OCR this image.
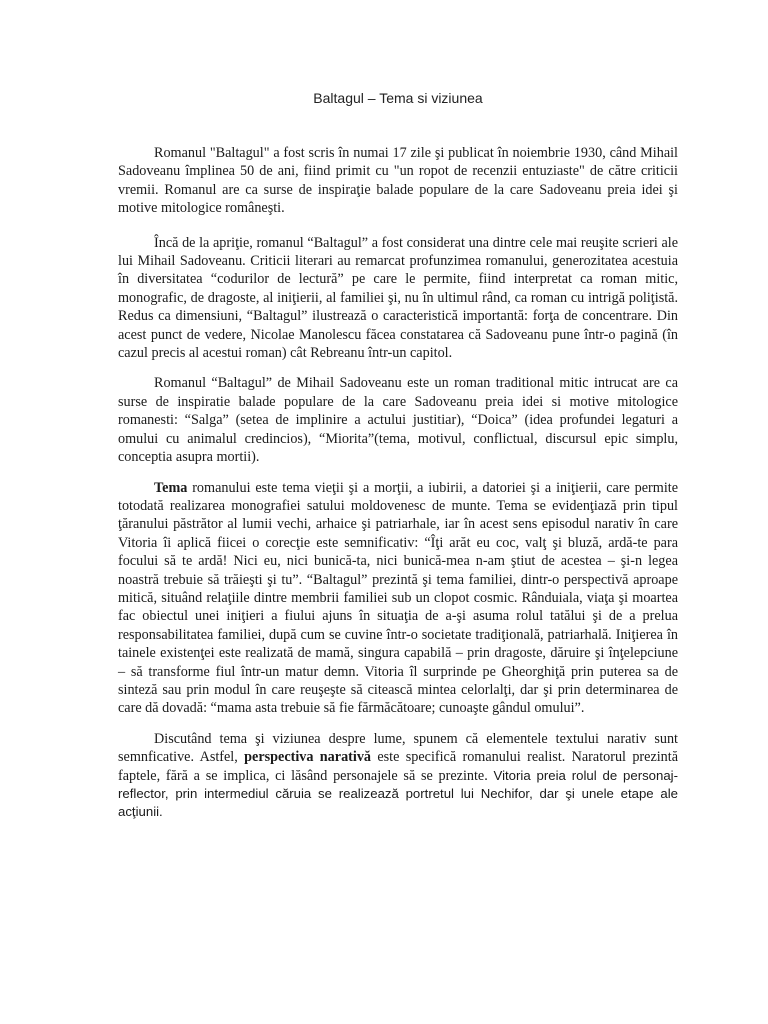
Baltagul – Tema si viziunea

Romanul "Baltagul" a fost scris în numai 17 zile şi publicat în noiembrie 1930, când Mihail Sadoveanu împlinea 50 de ani, fiind primit cu "un ropot de recenzii entuziaste" de către criticii vremii. Romanul are ca surse de inspiraţie balade populare de la care Sadoveanu preia idei şi motive mitologice româneşti.

Încă de la apriţie, romanul “Baltagul” a fost considerat una dintre cele mai reuşite scrieri ale lui Mihail Sadoveanu. Criticii literari au remarcat profunzimea romanului, generozitatea acestuia în diversitatea “codurilor de lectură” pe care le permite, fiind interpretat ca roman mitic, monografic, de dragoste, al iniţierii, al familiei şi, nu în ultimul rând, ca roman cu intrigă poliţistă. Redus ca dimensiuni, “Baltagul” ilustrează o caracteristică importantă: forţa de concentrare. Din acest punct de vedere, Nicolae Manolescu făcea constatarea că Sadoveanu pune într-o pagină (în cazul precis al acestui roman) cât Rebreanu într-un capitol.

Romanul “Baltagul” de Mihail Sadoveanu este un roman traditional mitic intrucat are ca surse de inspiratie balade populare de la care Sadoveanu preia idei si motive mitologice romanesti: “Salga” (setea de implinire a actului justitiar), “Doica” (idea profundei legaturi a omului cu animalul credincios), “Miorita”(tema, motivul, conflictual, discursul epic simplu, conceptia asupra mortii).

Tema romanului este tema vieţii şi a morţii, a iubirii, a datoriei şi a iniţierii, care permite totodată realizarea monografiei satului moldovenesc de munte. Tema se evidenţiază prin tipul ţăranului păstrător al lumii vechi, arhaice şi patriarhale, iar în acest sens episodul narativ în care Vitoria îi aplică fiicei o corecţie este semnificativ: “Îţi arăt eu coc, valţ şi bluză, ardă-te para focului să te ardă! Nici eu, nici bunică-ta, nici bunică-mea n-am ştiut de acestea – şi-n legea noastră trebuie să trăieşti şi tu”. “Baltagul” prezintă şi tema familiei, dintr-o perspectivă aproape mitică, situând relaţiile dintre membrii familiei sub un clopot cosmic. Rânduiala, viaţa şi moartea fac obiectul unei iniţieri a fiului ajuns în situaţia de a-şi asuma rolul tatălui şi de a prelua responsabilitatea familiei, după cum se cuvine într-o societate tradiţională, patriarhală. Iniţierea în tainele existenţei este realizată de mamă, singura capabilă – prin dragoste, dăruire şi înţelepciune – să transforme fiul într-un matur demn. Vitoria îl surprinde pe Gheorghiţă prin puterea sa de sinteză sau prin modul în care reuşeşte să citească mintea celorlalţi, dar şi prin determinarea de care dă dovadă: “mama asta trebuie să fie fărmăcătoare; cunoaşte gândul omului”.

Discutând tema şi viziunea despre lume, spunem că elementele textului narativ sunt semnficative. Astfel, perspectiva narativă este specifică romanului realist. Naratorul prezintă faptele, fără a se implica, ci lăsând personajele să se prezinte. Vitoria preia rolul de personaj-reflector, prin intermediul căruia se realizează portretul lui Nechifor, dar şi unele etape ale acţiunii.
